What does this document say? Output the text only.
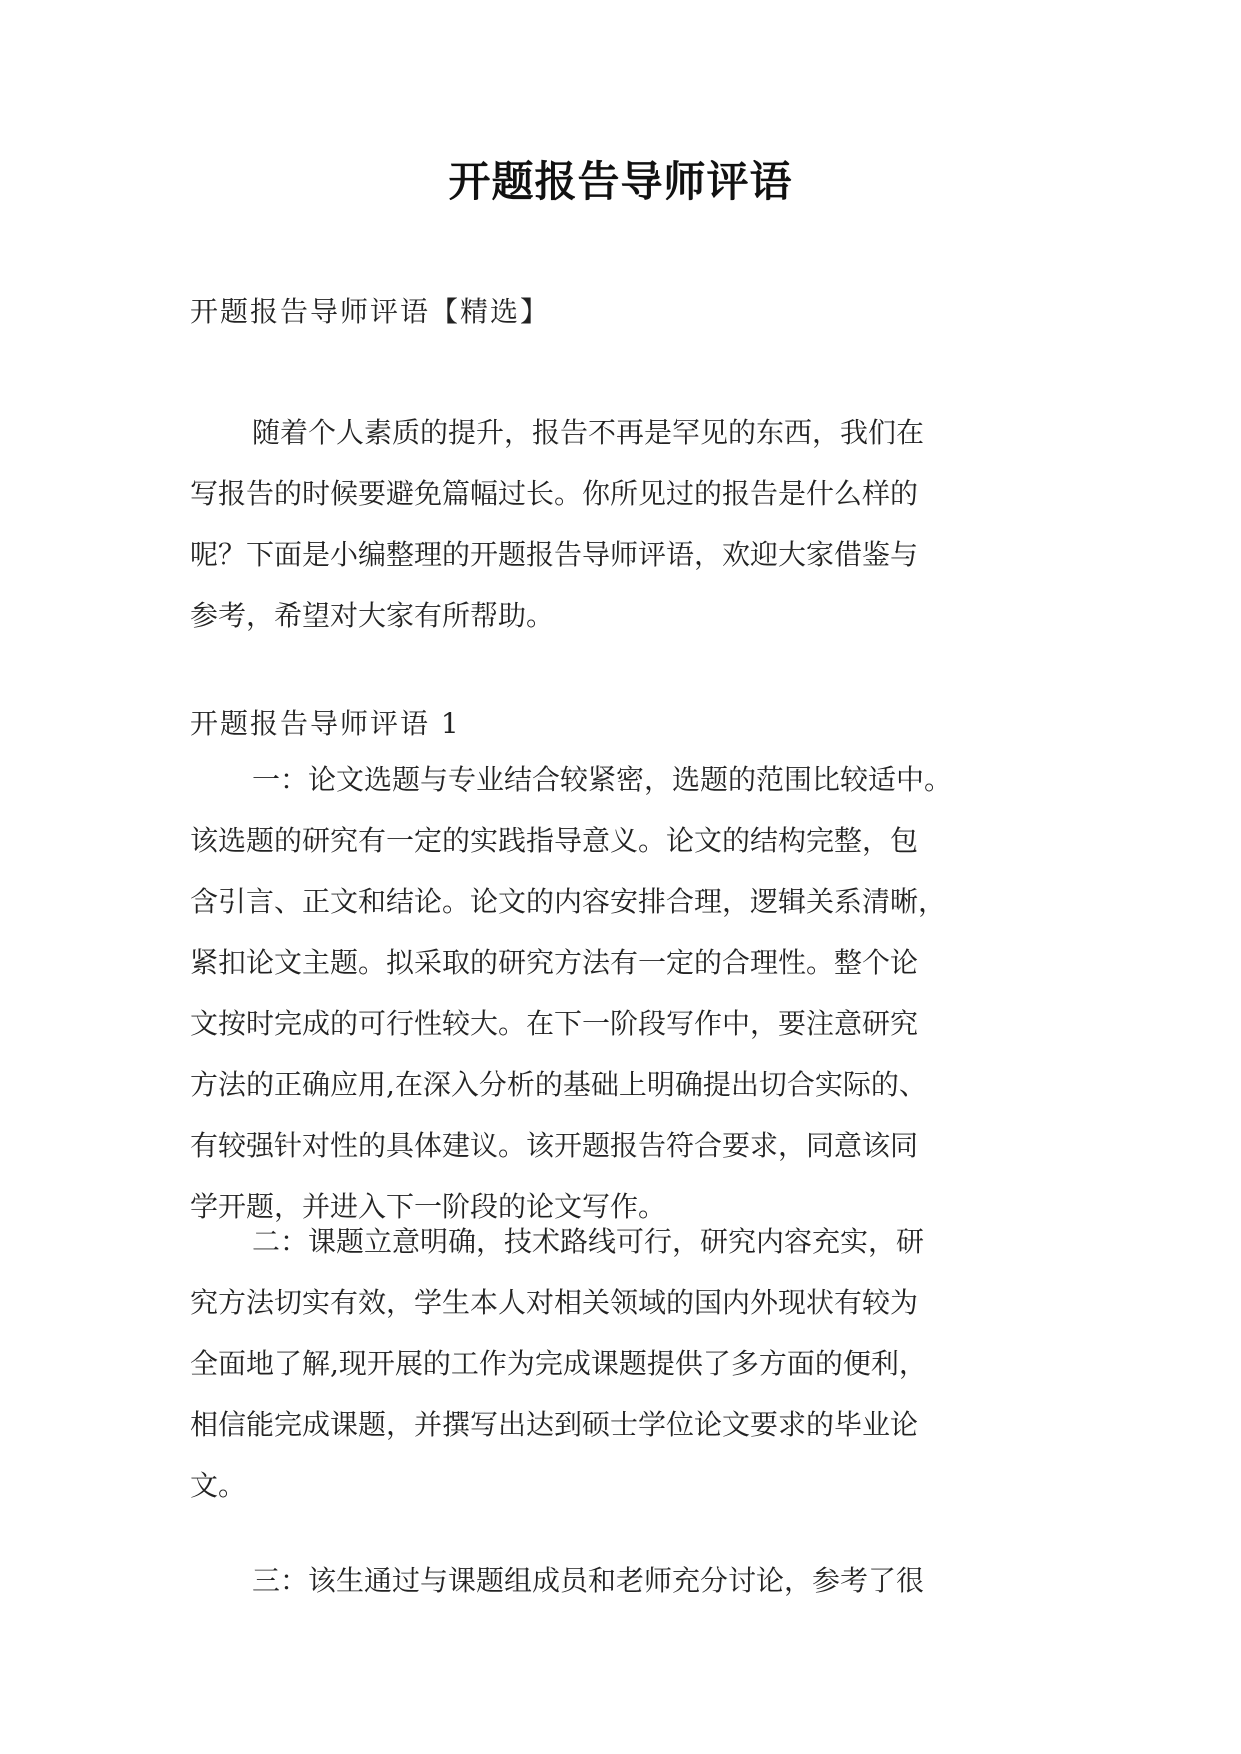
开题报告导师评语
开题报告导师评语【精选】
随着个人素质的提升，报告不再是罕见的东西，我们在
写报告的时候要避免篇幅过长。你所见过的报告是什么样的
呢？下面是小编整理的开题报告导师评语，欢迎大家借鉴与
参考，希望对大家有所帮助。
开题报告导师评语 1
一：论文选题与专业结合较紧密，选题的范围比较适中。
该选题的研究有一定的实践指导意义。论文的结构完整，包
含引言、正文和结论。论文的内容安排合理，逻辑关系清晰，
紧扣论文主题。拟采取的研究方法有一定的合理性。整个论
文按时完成的可行性较大。在下一阶段写作中，要注意研究
方法的正确应用,在深入分析的基础上明确提出切合实际的、
有较强针对性的具体建议。该开题报告符合要求，同意该同
学开题，并进入下一阶段的论文写作。
二：课题立意明确，技术路线可行，研究内容充实，研
究方法切实有效，学生本人对相关领域的国内外现状有较为
全面地了解,现开展的工作为完成课题提供了多方面的便利，
相信能完成课题，并撰写出达到硕士学位论文要求的毕业论
文。
三：该生通过与课题组成员和老师充分讨论，参考了很
